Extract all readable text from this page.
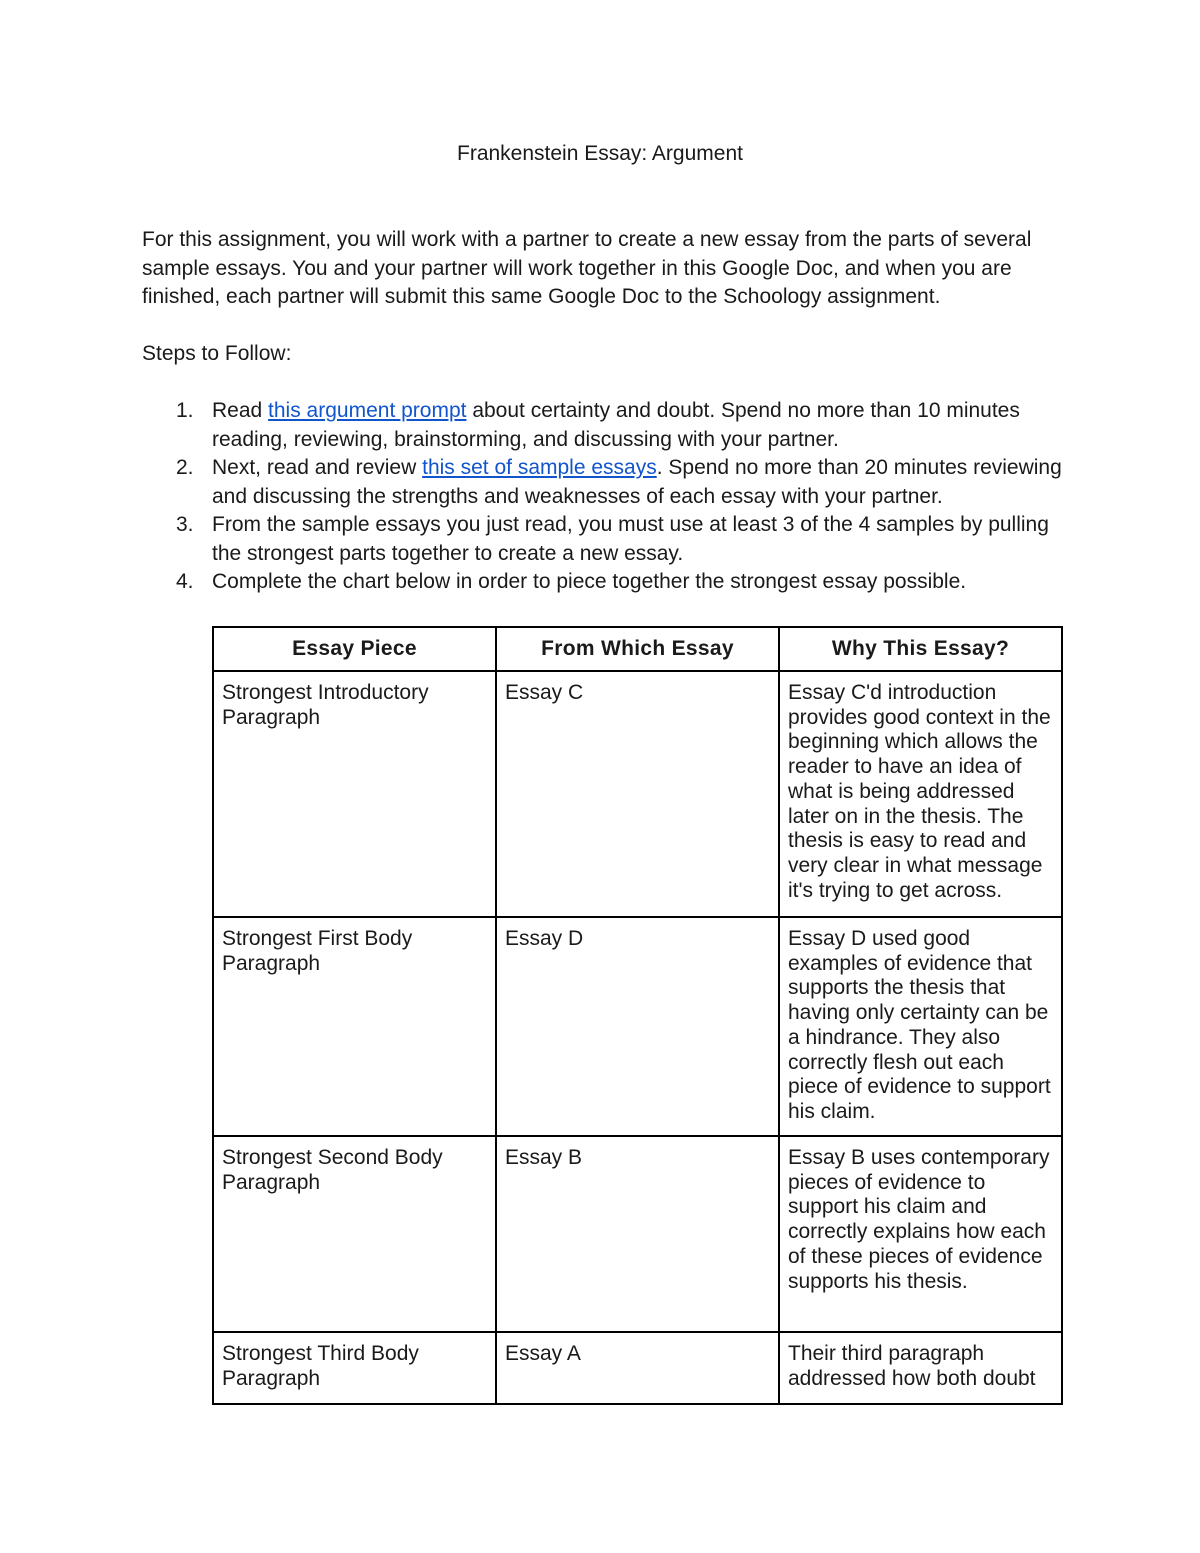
Frankenstein Essay: Argument

For this assignment, you will work with a partner to create a new essay from the parts of several sample essays. You and your partner will work together in this Google Doc, and when you are finished, each partner will submit this same Google Doc to the Schoology assignment.

Steps to Follow:

1. Read this argument prompt about certainty and doubt. Spend no more than 10 minutes reading, reviewing, brainstorming, and discussing with your partner.
2. Next, read and review this set of sample essays. Spend no more than 20 minutes reviewing and discussing the strengths and weaknesses of each essay with your partner.
3. From the sample essays you just read, you must use at least 3 of the 4 samples by pulling the strongest parts together to create a new essay.
4. Complete the chart below in order to piece together the strongest essay possible.
Essay Piece	From Which Essay	Why This Essay?
Strongest Introductory Paragraph	Essay C	Essay C'd introduction provides good context in the beginning which allows the reader to have an idea of what is being addressed later on in the thesis. The thesis is easy to read and very clear in what message it's trying to get across.
Strongest First Body Paragraph	Essay D	Essay D used good examples of evidence that supports the thesis that having only certainty can be a hindrance. They also correctly flesh out each piece of evidence to support his claim.
Strongest Second Body Paragraph	Essay B	Essay B uses contemporary pieces of evidence to support his claim and correctly explains how each of these pieces of evidence supports his thesis.
Strongest Third Body Paragraph	Essay A	Their third paragraph addressed how both doubt
